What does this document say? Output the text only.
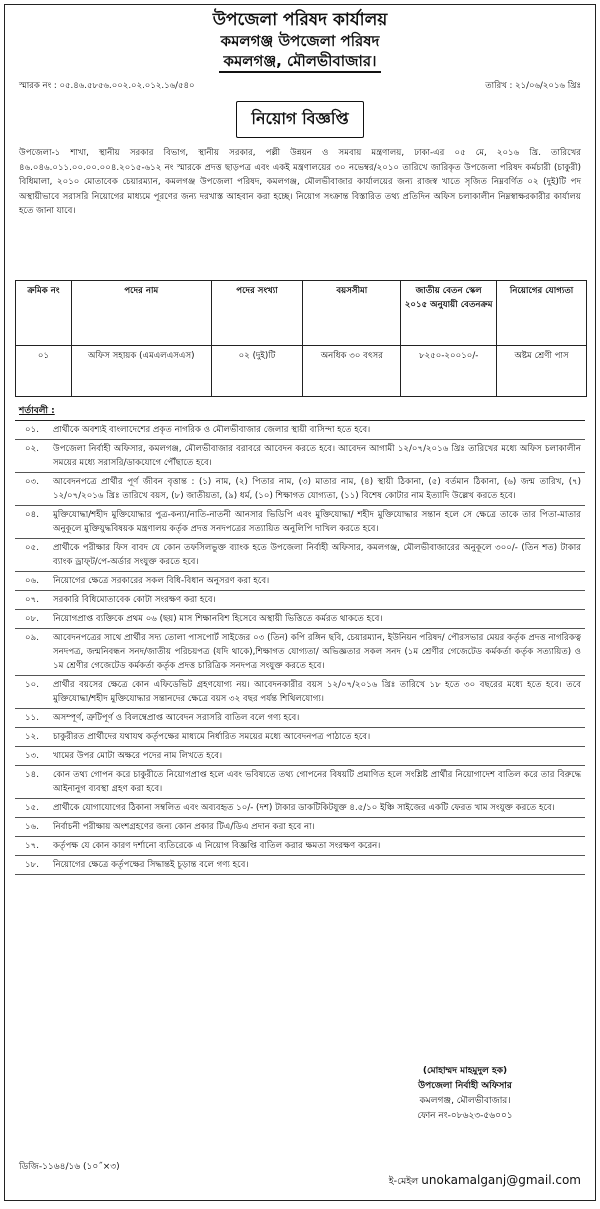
উপজেলা পরিষদ কার্যালয়
কমলগঞ্জ উপজেলা পরিষদ
কমলগঞ্জ, মৌলভীবাজার।
স্মারক নং : ০৫.৪৬.৫৮৫৬.০০২.০২.০১২.১৬/৫৪০	তারিখ : ২১/০৬/২০১৬ খ্রিঃ
নিয়োগ বিজ্ঞপ্তি
উপজেলা-১ শাখা, স্থানীয় সরকার বিভাগ, স্থানীয় সরকার, পল্লী উন্নয়ন ও সমবায় মন্ত্রণালয়, ঢাকা-এর ০৫ মে, ২০১৬ খ্রি. তারিখের ৪৬.০৪৬.০১১.০০.০০.০০৪.২০১৫-৬১২ নং স্মারকে প্রদত্ত ছাড়পত্র এবং একই মন্ত্রণালয়ের ৩০ নভেম্বর/২০১০ তারিখে জারিকৃত উপজেলা পরিষদ কর্মচারী (চাকুরী) বিধিমালা, ২০১০ মোতাবেক চেয়ারম্যান, কমলগঞ্জ উপজেলা পরিষদ, কমলগঞ্জ, মৌলভীবাজার কার্যালয়ের জন্য রাজস্ব খাতে সৃজিত নিম্নবর্ণিত ০২ (দুই)টি পদ অস্থায়ীভাবে সরাসরি নিয়োগের মাধ্যমে পূরণের জন্য দরখাস্ত আহবান করা হচ্ছে। নিয়োগ সংক্রান্ত বিস্তারিত তথ্য প্রতিদিন অফিস চলাকালীন নিম্নস্বাক্ষরকারীর কার্যালয় হতে জানা যাবে।
ক্রমিক নং	পদের নাম	পদের সংখ্যা	বয়সসীমা	জাতীয় বেতন স্কেল ২০১৫ অনুযায়ী বেতনক্রম	নিয়োগের যোগ্যতা
০১	অফিস সহায়ক (এমএলএসএস)	০২ (দুই)টি	অনধিক ৩০ বৎসর	৮২৫০-২০০১০/-	অষ্টম শ্রেণী পাস
শর্তাবলী :
০১.	প্রার্থীকে অবশ্যই বাংলাদেশের প্রকৃত নাগরিক ও মৌলভীবাজার জেলার স্থায়ী বাসিন্দা হতে হবে।
০২.	উপজেলা নির্বাহী অফিসার, কমলগঞ্জ, মৌলভীবাজার বরাবরে আবেদন করতে হবে। আবেদন আগামী ১২/০৭/২০১৬ খ্রিঃ তারিখের মধ্যে অফিস চলাকালীন সময়ের মধ্যে সরাসরি/ডাকযোগে পৌঁছাতে হবে।
০৩.	আবেদনপত্রে প্রার্থীর পূর্ণ জীবন বৃত্তান্ত : (১) নাম, (২) পিতার নাম, (৩) মাতার নাম, (৪) স্থায়ী ঠিকানা, (৫) বর্তমান ঠিকানা, (৬) জন্ম তারিখ, (৭) ১২/০৭/২০১৬ খ্রিঃ তারিখে বয়স, (৮) জাতীয়তা, (৯) ধর্ম, (১০) শিক্ষাগত যোগ্যতা, (১১) বিশেষ কোটার নাম ইত্যাদি উল্লেখ করতে হবে।
০৪.	মুক্তিযোদ্ধা/শহীদ মুক্তিযোদ্ধার পুত্র-কন্যা/নাতি-নাতনী আনসার ভিডিপি এবং মুক্তিযোদ্ধা/ শহীদ মুক্তিযোদ্ধার সন্তান হলে সে ক্ষেত্রে তাকে তার পিতা-মাতার অনুকূলে মুক্তিযুদ্ধবিষয়ক মন্ত্রণালয় কর্তৃক প্রদত্ত সনদপত্রের সত্যায়িত অনুলিপি দাখিল করতে হবে।
০৫.	প্রার্থীকে পরীক্ষার ফিস বাবদ যে কোন তফসিলভুক্ত ব্যাংক হতে উপজেলা নির্বাহী অফিসার, কমলগঞ্জ, মৌলভীবাজারের অনুকূলে ৩০০/- (তিন শত) টাকার ব্যাংক ড্রাফ্‌ট/পে-অর্ডার সংযুক্ত করতে হবে।
০৬.	নিয়োগের ক্ষেত্রে সরকারের সকল বিধি-বিধান অনুসরণ করা হবে।
০৭.	সরকারি বিধিমোতাবেক কোটা সংরক্ষণ করা হবে।
০৮.	নিয়োগপ্রাপ্ত ব্যক্তিকে প্রথম ০৬ (ছয়) মাস শিক্ষানবিশ হিসেবে অস্থায়ী ভিত্তিতে কর্মরত থাকতে হবে।
০৯.	আবেদনপত্রের সাথে প্রার্থীর সদ্য তোলা পাসপোর্ট সাইজের ০৩ (তিন) কপি রঙ্গিন ছবি, চেয়ারম্যান, ইউনিয়ন পরিষদ/ পৌরসভার মেয়র কর্তৃক প্রদত্ত নাগরিকত্ব সনদপত্র, জন্মনিবন্ধন সনদ/জাতীয় পরিচয়পত্র (যদি থাকে),শিক্ষাগত যোগ্যতা/ অভিজ্ঞতার সকল সনদ (১ম শ্রেণীর গেজেটেড কর্মকর্তা কর্তৃক সত্যায়িত) ও ১ম শ্রেণীর গেজেটেড কর্মকর্তা কর্তৃক প্রদত্ত চারিত্রিক সনদপত্র সংযুক্ত করতে হবে।
১০.	প্রার্থীর বয়সের ক্ষেত্রে কোন এফিডেভিট গ্রহণযোগ্য নয়। আবেদনকারীর বয়স ১২/০৭/২০১৬ খ্রিঃ তারিখে ১৮ হতে ৩০ বছরের মধ্যে হতে হবে। তবে মুক্তিযোদ্ধা/শহীদ মুক্তিযোদ্ধার সন্তানদের ক্ষেত্রে বয়স ৩২ বছর পর্যন্ত শিথিলযোগ্য।
১১.	অসম্পূর্ণ, ত্রুটিপূর্ণ ও বিলম্বেপ্রাপ্ত আবেদন সরাসরি বাতিল বলে গণ্য হবে।
১২.	চাকুরীরত প্রার্থীদের যথাযথ কর্তৃপক্ষের মাধ্যমে নির্ধারিত সময়ের মধ্যে আবেদনপত্র পাঠাতে হবে।
১৩.	খামের উপর মোটা অক্ষরে পদের নাম লিখতে হবে।
১৪.	কোন তথ্য গোপন করে চাকুরীতে নিয়োগপ্রাপ্ত হলে এবং ভবিষ্যতে তথ্য গোপনের বিষয়টি প্রমাণিত হলে সংশ্লিষ্ট প্রার্থীর নিয়োগাদেশ বাতিল করে তার বিরুদ্ধে আইনানুগ ব্যবস্থা গ্রহণ করা হবে।
১৫.	প্রার্থীকে যোগাযোগের ঠিকানা সম্বলিত এবং অব্যবহৃত ১০/- (দশ) টাকার ডাকটিকিটযুক্ত ৪.৫/১০ ইঞ্চি সাইজের একটি ফেরত খাম সংযুক্ত করতে হবে।
১৬.	নির্বাচনী পরীক্ষায় অংশগ্রহণের জন্য কোন প্রকার টিএ/ডিএ প্রদান করা হবে না।
১৭.	কর্তৃপক্ষ যে কোন কারণ দর্শানো ব্যতিরেকে এ নিয়োগ বিজ্ঞপ্তি বাতিল করার ক্ষমতা সংরক্ষণ করেন।
১৮.	নিয়োগের ক্ষেত্রে কর্তৃপক্ষের সিদ্ধান্তই চূড়ান্ত বলে গণ্য হবে।
(মোহাম্মদ মাহমুদুল হক)
উপজেলা নির্বাহী অফিসার
কমলগঞ্জ, মৌলভীবাজার।
ফোন নং-০৮৬২৩-৫৬০০১
ডিজি-১১৬৪/১৬ (১০˝×৩)
ই-মেইল unokamalganj@gmail.com
